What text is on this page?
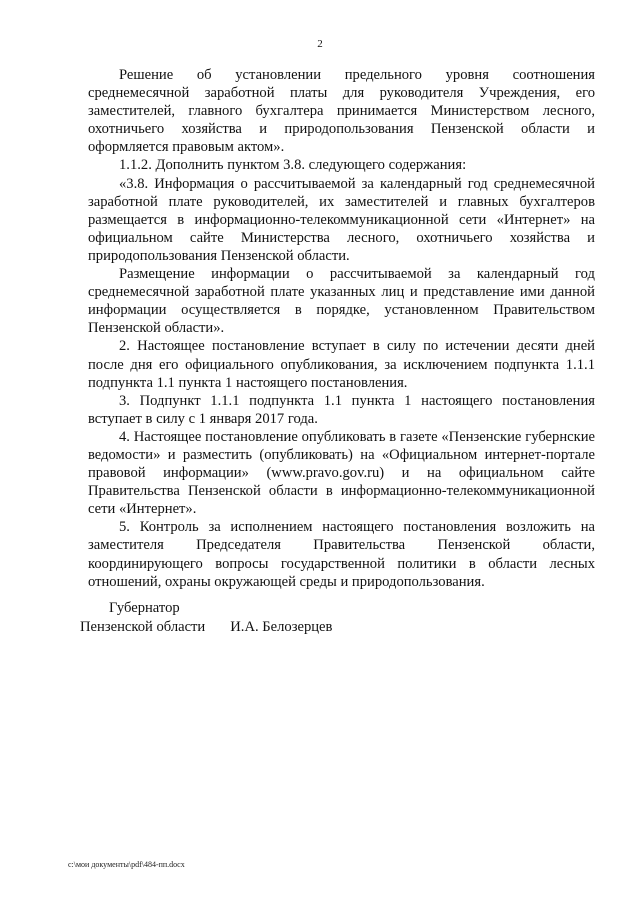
2

Решение об установлении предельного уровня соотношения среднемесячной заработной платы для руководителя Учреждения, его заместителей, главного бухгалтера принимается Министерством лесного, охотничьего хозяйства и природопользования Пензенской области и оформляется правовым актом».

1.1.2. Дополнить пунктом 3.8. следующего содержания:

«3.8. Информация о рассчитываемой за календарный год среднемесячной заработной плате руководителей, их заместителей и главных бухгалтеров размещается в информационно-телекоммуникационной сети «Интернет» на официальном сайте Министерства лесного, охотничьего хозяйства и природопользования Пензенской области.

Размещение информации о рассчитываемой за календарный год среднемесячной заработной плате указанных лиц и представление ими данной информации осуществляется в порядке, установленном Правительством Пензенской области».

2. Настоящее постановление вступает в силу по истечении десяти дней после дня его официального опубликования, за исключением подпункта 1.1.1 подпункта 1.1 пункта 1 настоящего постановления.

3. Подпункт 1.1.1 подпункта 1.1 пункта 1 настоящего постановления вступает в силу с 1 января 2017 года.

4. Настоящее постановление опубликовать в газете «Пензенские губернские ведомости» и разместить (опубликовать) на «Официальном интернет-портале правовой информации» (www.pravo.gov.ru) и на официальном сайте Правительства Пензенской области в информационно-телекоммуникационной сети «Интернет».

5. Контроль за исполнением настоящего постановления возложить на заместителя Председателя Правительства Пензенской области, координирующего вопросы государственной политики в области лесных отношений, охраны окружающей среды и природопользования.

Губернатор
Пензенской области И.А. Белозерцев
c:\мои документы\pdf\484-пп.docx
